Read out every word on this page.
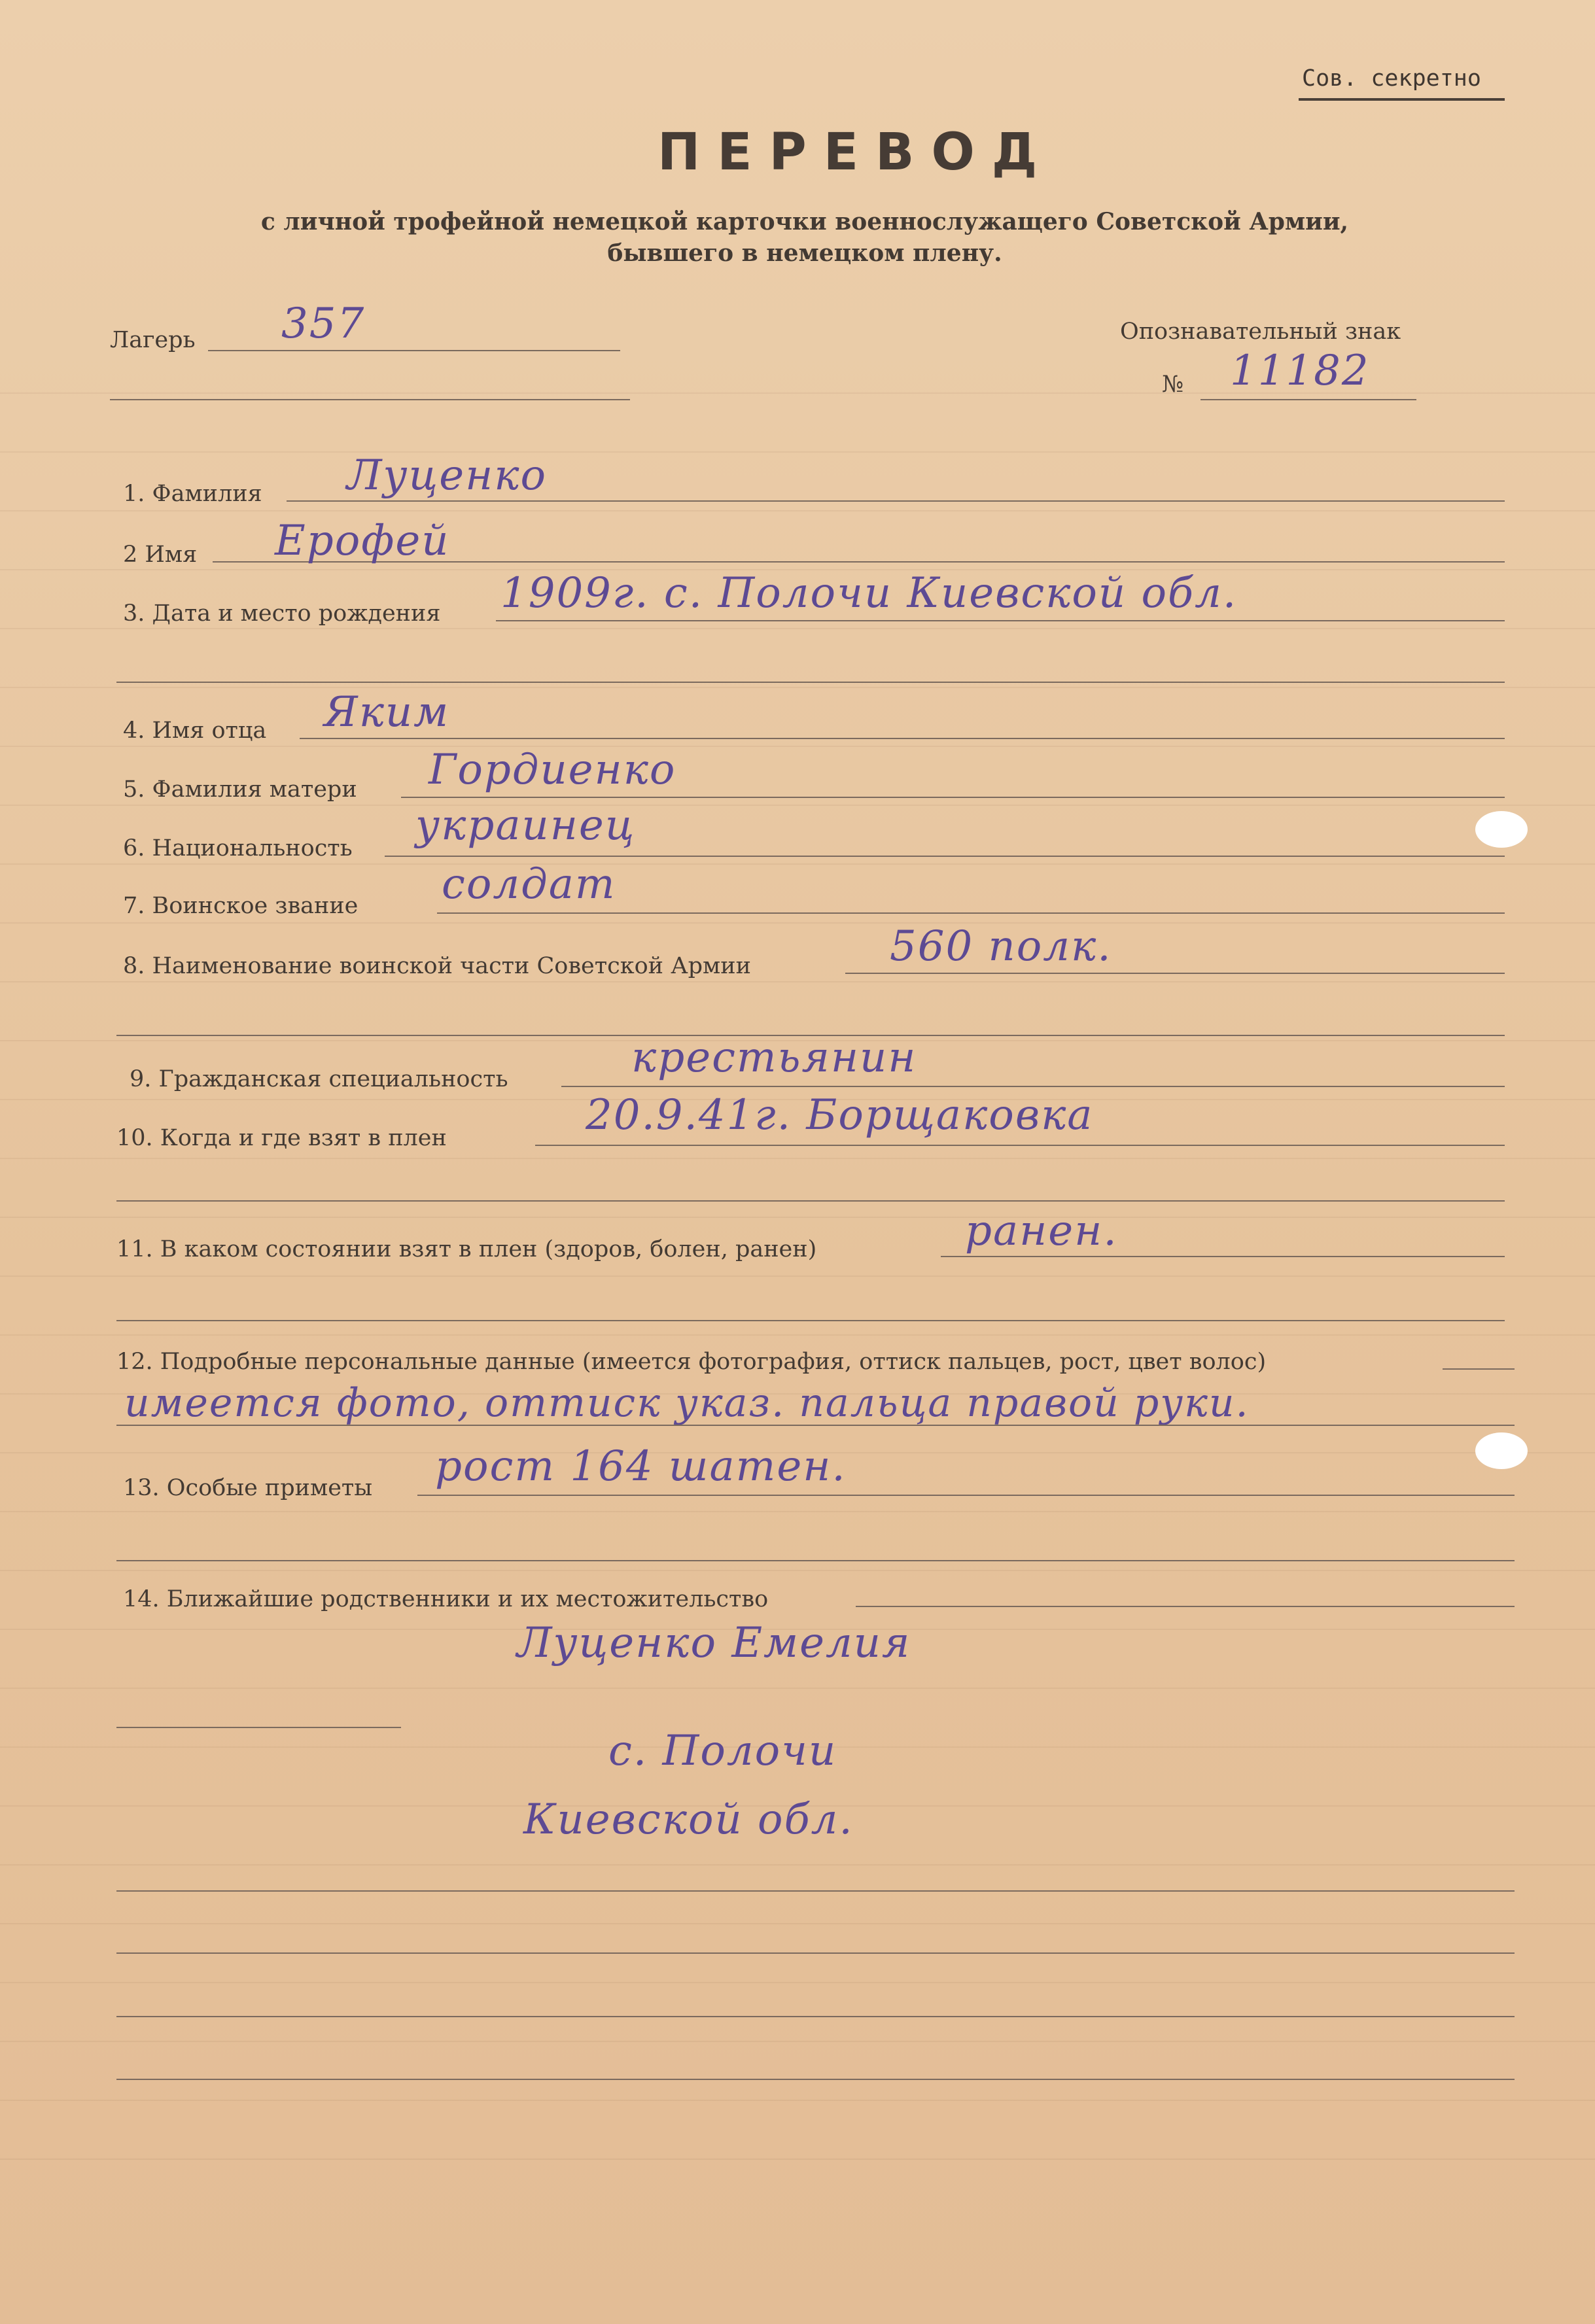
Сов. секретно
ПЕРЕВОД
с личной трофейной немецкой карточки военнослужащего Советской Армии,
бывшего в немецком плену.
Лагерь 357	Опознавательный знак
№ 11182
1. Фамилия Луценко
2 Имя Ерофей
3. Дата и место рождения 1909г. с. Полочи Киевской обл.
4. Имя отца Яким
5. Фамилия матери Гордиенко
6. Национальность украинец
7. Воинское звание солдат
8. Наименование воинской части Советской Армии	560 полк.
9. Гражданская специальность	крестьянин
10. Когда и где взят в плен	20.9.41г. Борщаковка
11. В каком состоянии взят в плен (здоров, болен, ранен)	ранен.
12. Подробные персональные данные (имеется фотография, оттиск пальцев, рост, цвет волос)
имеется фото, оттиск указ. пальца правой руки.
13. Особые приметы рост 164 шатен.
14. Ближайшие родственники и их местожительство
Луценко Емелия
с. Полочи
Киевской обл.
